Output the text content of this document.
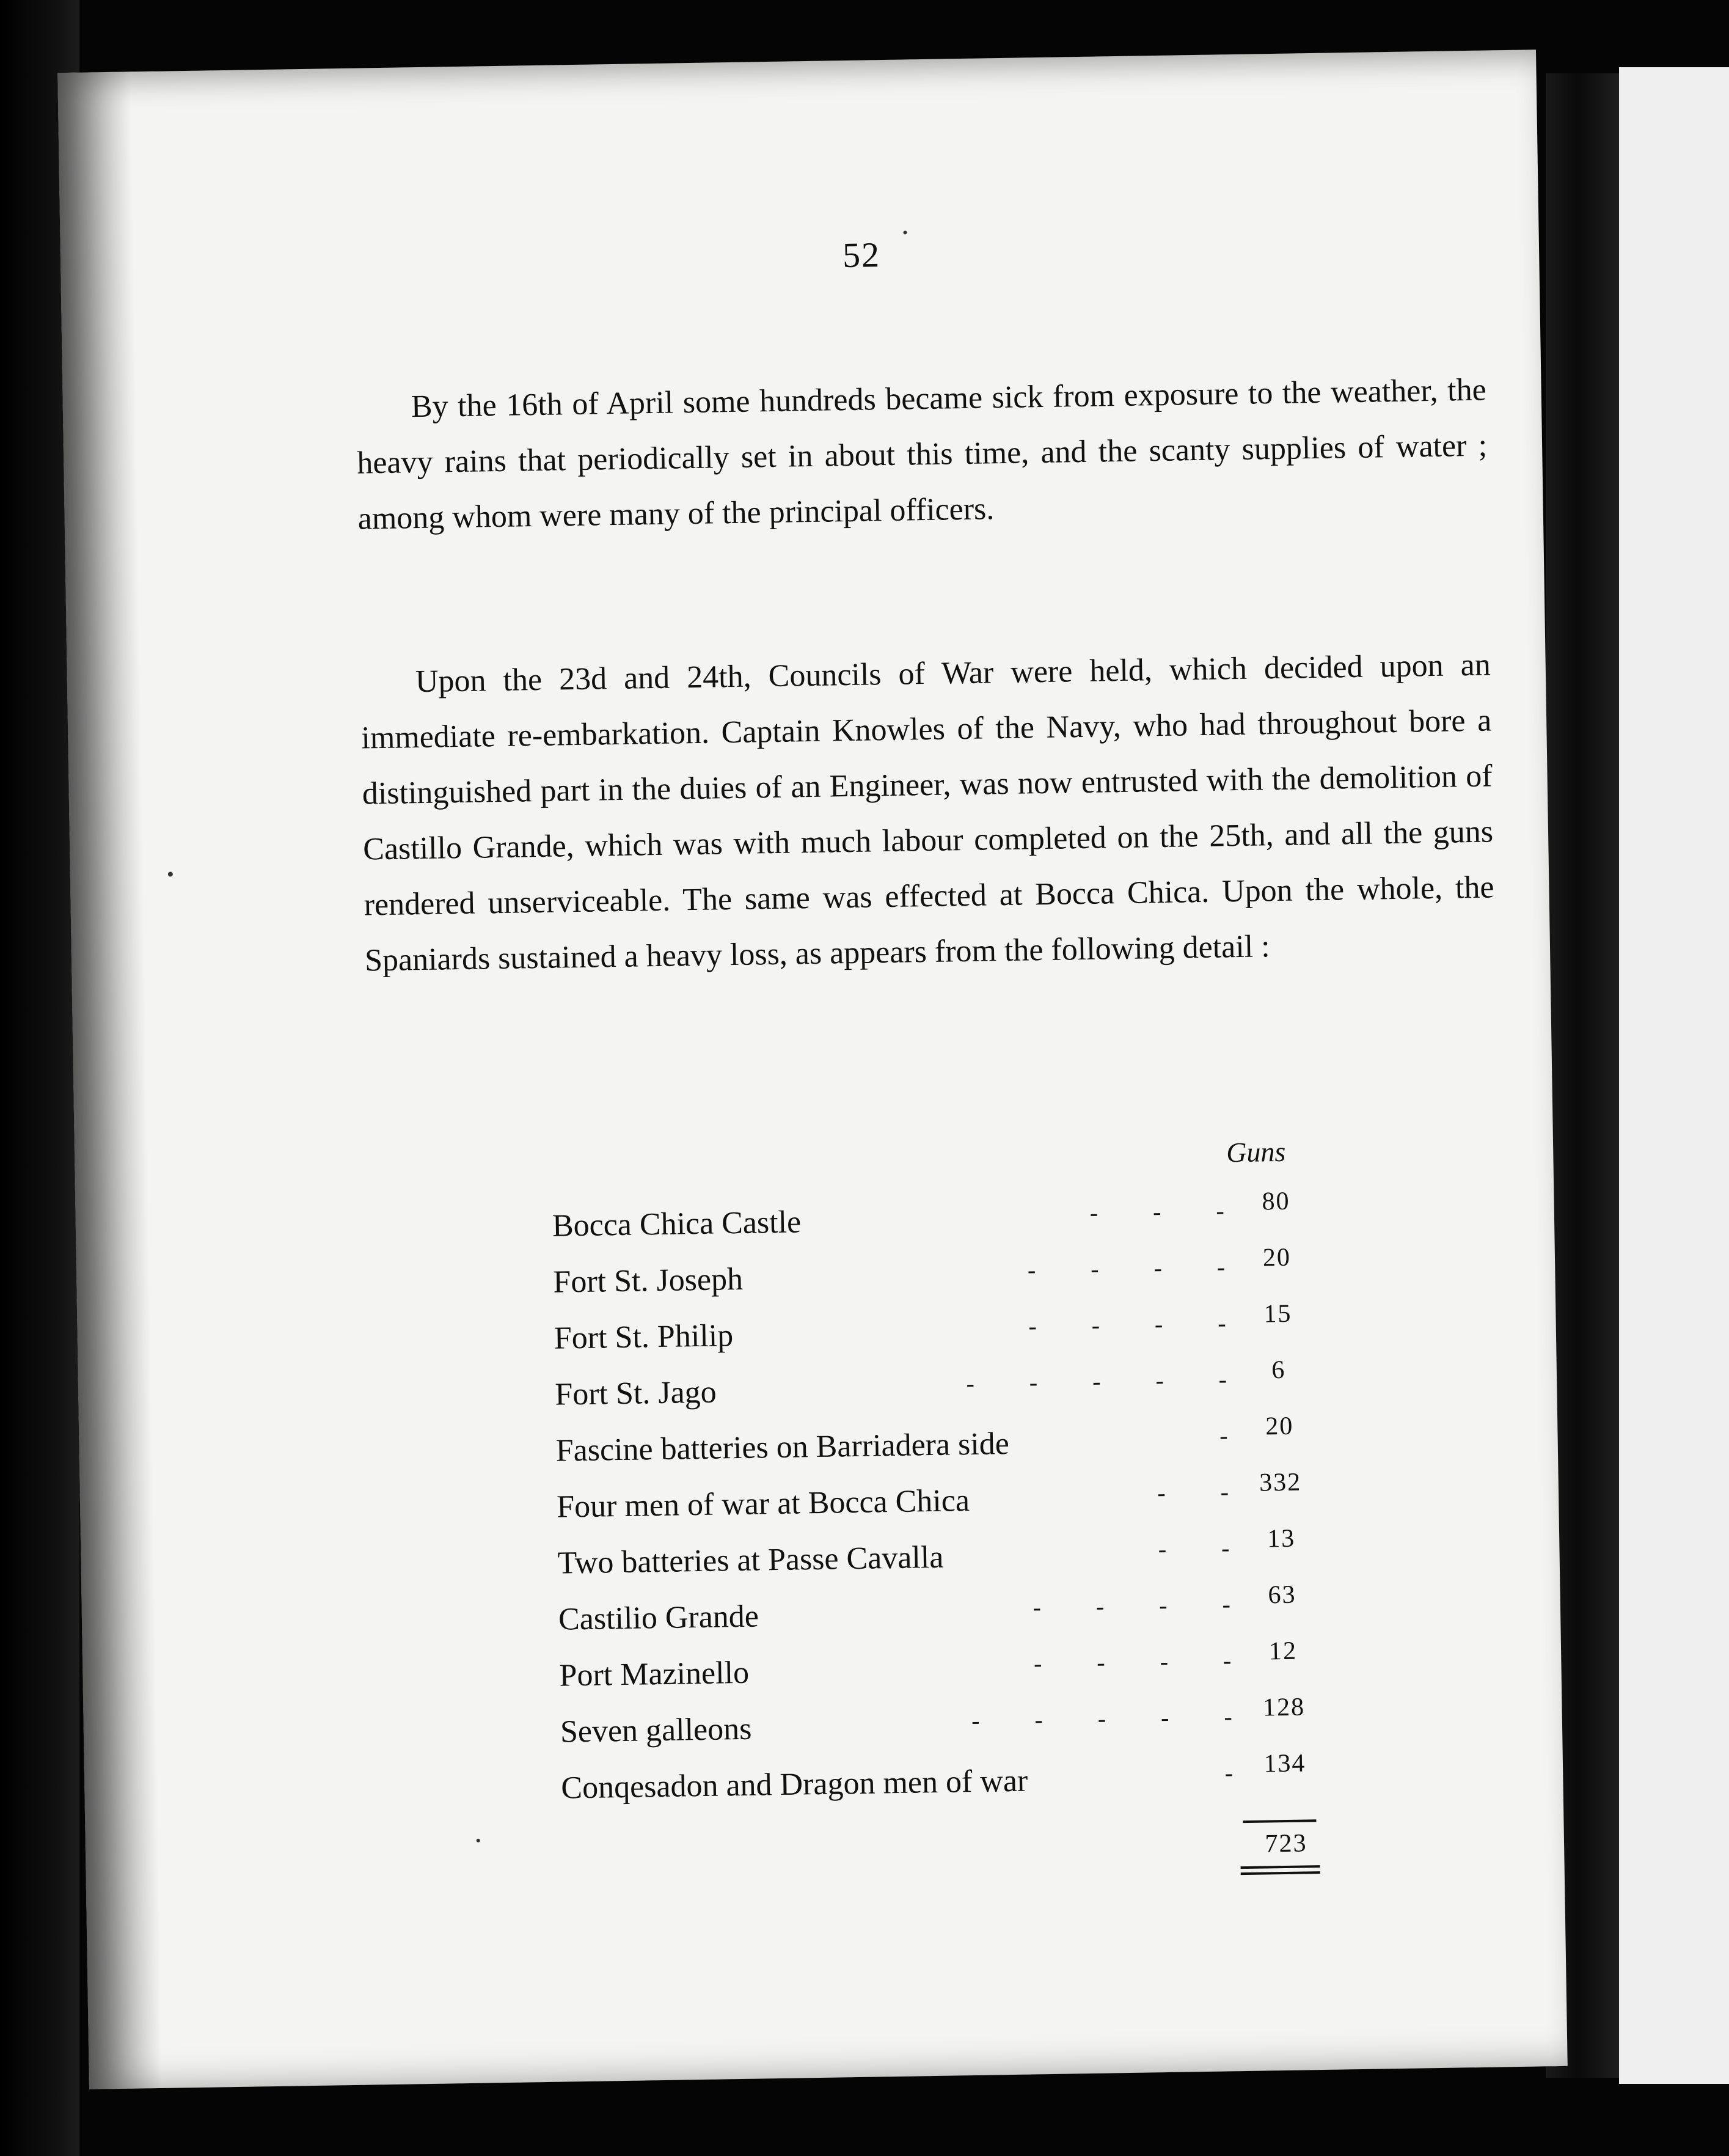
52

By the 16th of April some hundreds became sick from exposure to the weather, the heavy rains that periodically set in about this time, and the scanty supplies of water ; among whom were many of the principal officers.

Upon the 23d and 24th, Councils of War were held, which decided upon an immediate re-embarkation. Captain Knowles of the Navy, who had throughout bore a distinguished part in the duies of an Engineer, was now entrusted with the demolition of Castillo Grande, which was with much labour completed on the 25th, and all the guns rendered unserviceable. The same was effected at Bocca Chica. Upon the whole, the Spaniards sustained a heavy loss, as appears from the following detail :

Guns
Bocca Chica Castle	- - - 80
Fort St. Joseph	- - - - 20
Fort St. Philip	- - - - 15
Fort St. Jago	- - - - - 6
Fascine batteries on Barriadera side	- 20
Four men of war at Bocca Chica	- - 332
Two batteries at Passe Cavalla	- - 13
Castilio Grande	- - - - 63
Port Mazinello	- - - - 12
Seven galleons	- - - - - 128
Conqesadon and Dragon men of war	- 134
723
